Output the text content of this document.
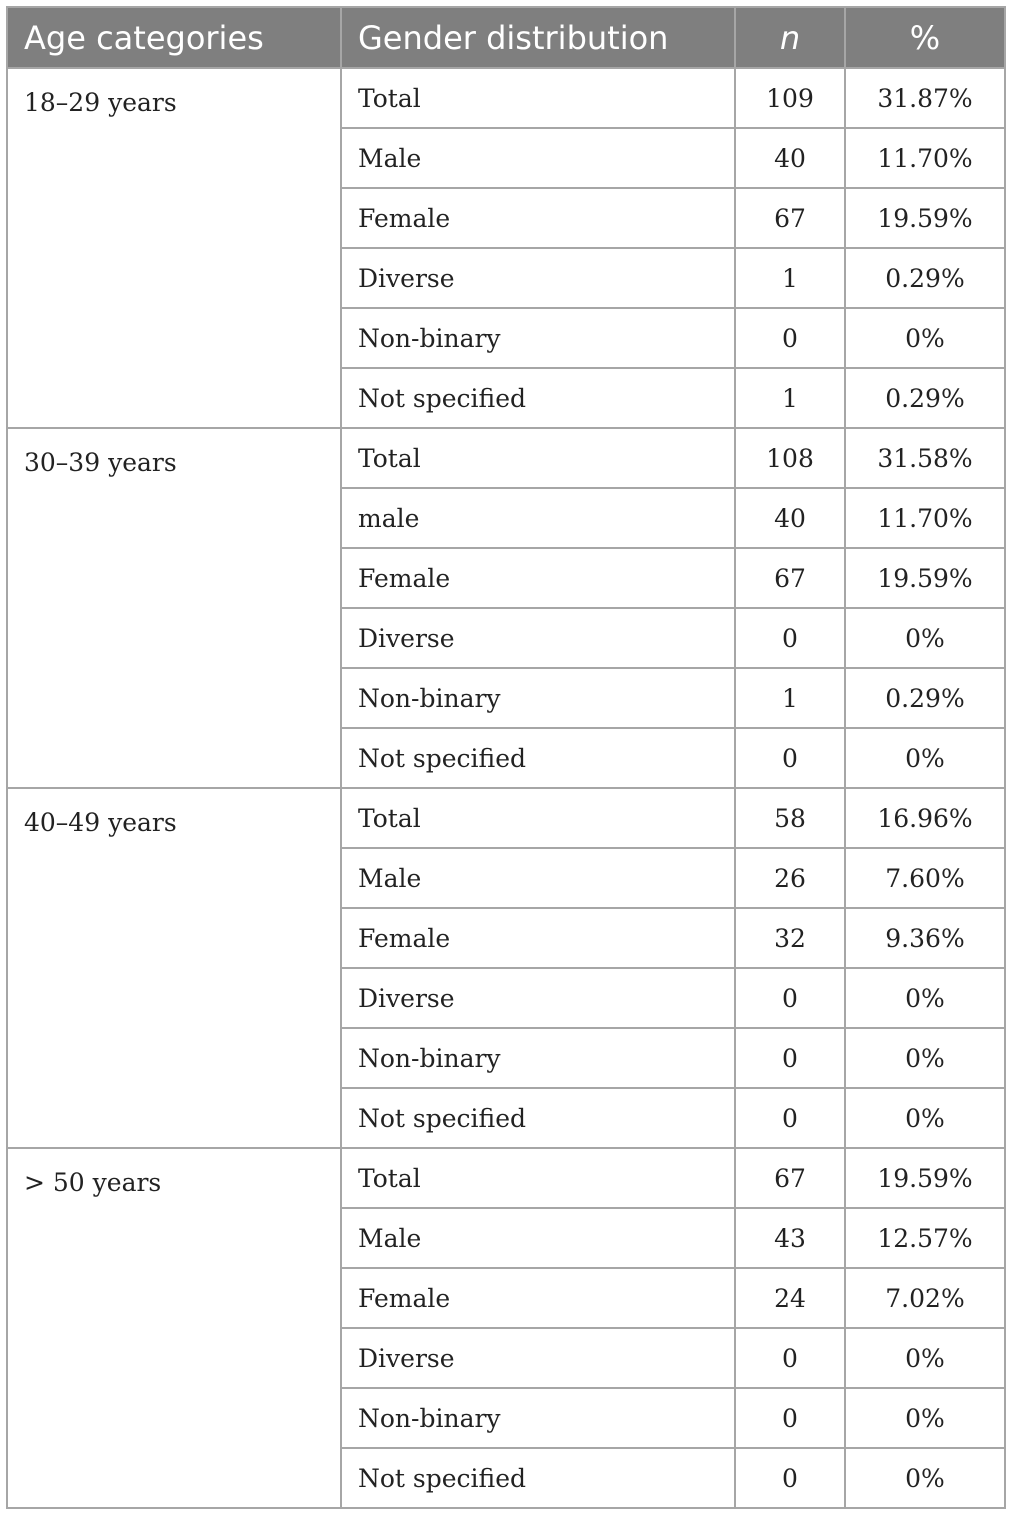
Age categories	Gender distribution	n	%
18–29 years	Total	109	31.87%
	Male	40	11.70%
	Female	67	19.59%
	Diverse	1	0.29%
	Non-binary	0	0%
	Not specified	1	0.29%
30–39 years	Total	108	31.58%
	male	40	11.70%
	Female	67	19.59%
	Diverse	0	0%
	Non-binary	1	0.29%
	Not specified	0	0%
40–49 years	Total	58	16.96%
	Male	26	7.60%
	Female	32	9.36%
	Diverse	0	0%
	Non-binary	0	0%
	Not specified	0	0%
> 50 years	Total	67	19.59%
	Male	43	12.57%
	Female	24	7.02%
	Diverse	0	0%
	Non-binary	0	0%
	Not specified	0	0%
